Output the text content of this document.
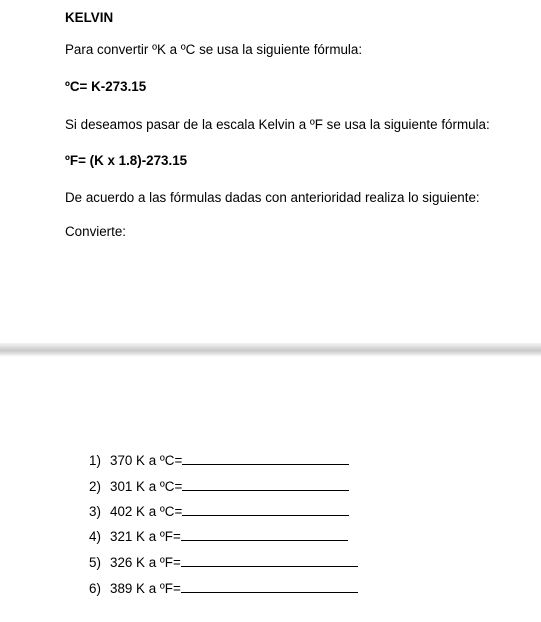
KELVIN
Para convertir ºK a ºC se usa la siguiente fórmula:
ºC= K-273.15
Si deseamos pasar de la escala Kelvin a ºF se usa la siguiente fórmula:
ºF= (K x 1.8)-273.15
De acuerdo a las fórmulas dadas con anterioridad realiza lo siguiente:
Convierte:
1) 370 K a ºC=
2) 301 K a ºC=
3) 402 K a ºC=
4) 321 K a ºF=
5) 326 K a ºF=
6) 389 K a ºF=
